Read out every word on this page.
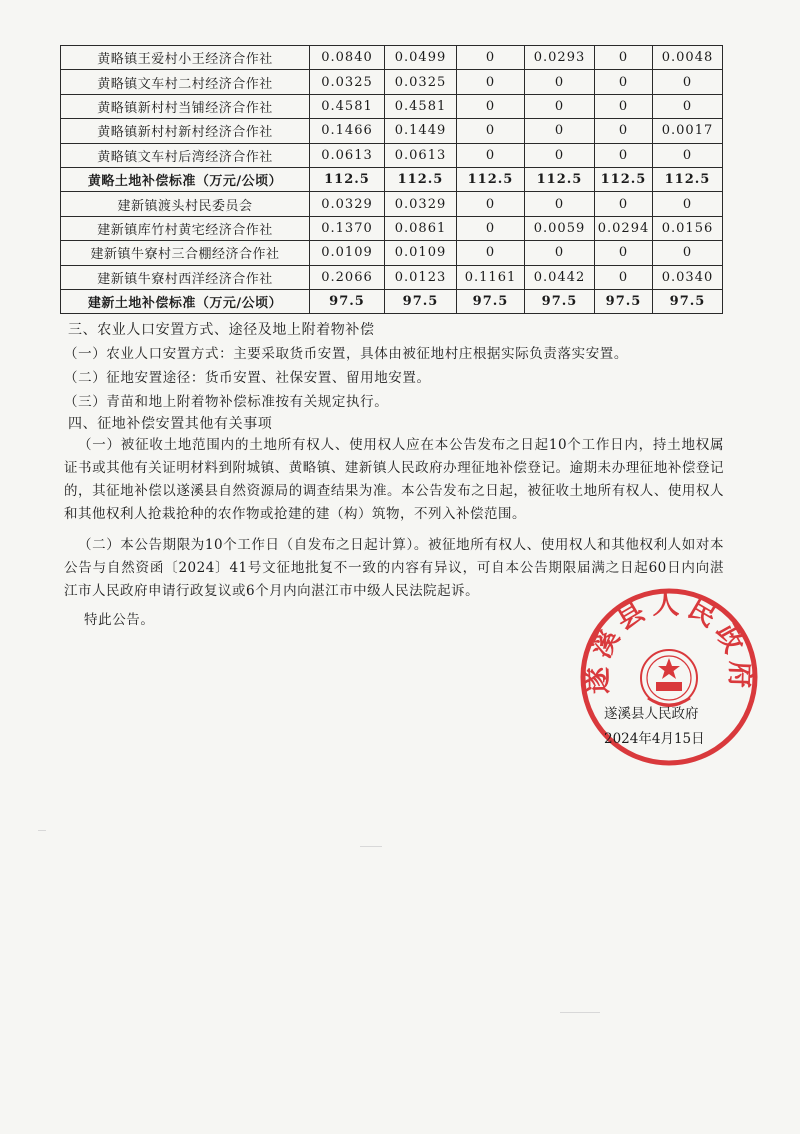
黄略镇王爱村小王经济合作社	0.0840	0.0499	0	0.0293	0	0.0048
黄略镇文车村二村经济合作社	0.0325	0.0325	0	0	0	0
黄略镇新村村当铺经济合作社	0.4581	0.4581	0	0	0	0
黄略镇新村村新村经济合作社	0.1466	0.1449	0	0	0	0.0017
黄略镇文车村后湾经济合作社	0.0613	0.0613	0	0	0	0
黄略土地补偿标准（万元/公顷）	112.5	112.5	112.5	112.5	112.5	112.5
建新镇渡头村民委员会	0.0329	0.0329	0	0	0	0
建新镇库竹村黄宅经济合作社	0.1370	0.0861	0	0.0059	0.0294	0.0156
建新镇牛寮村三合棚经济合作社	0.0109	0.0109	0	0	0	0
建新镇牛寮村西洋经济合作社	0.2066	0.0123	0.1161	0.0442	0	0.0340
建新土地补偿标准（万元/公顷）	97.5	97.5	97.5	97.5	97.5	97.5
三、农业人口安置方式、途径及地上附着物补偿
（一）农业人口安置方式：主要采取货币安置，具体由被征地村庄根据实际负责落实安置。
（二）征地安置途径：货币安置、社保安置、留用地安置。
（三）青苗和地上附着物补偿标准按有关规定执行。
四、征地补偿安置其他有关事项

（一）被征收土地范围内的土地所有权人、使用权人应在本公告发布之日起10个工作日内，持土地权属证书或其他有关证明材料到附城镇、黄略镇、建新镇人民政府办理征地补偿登记。逾期未办理征地补偿登记的，其征地补偿以遂溪县自然资源局的调查结果为准。本公告发布之日起，被征收土地所有权人、使用权人和其他权利人抢栽抢种的农作物或抢建的建（构）筑物，不列入补偿范围。

（二）本公告期限为10个工作日（自发布之日起计算）。被征地所有权人、使用权人和其他权利人如对本公告与自然资函〔2024〕41号文征地批复不一致的内容有异议，可自本公告期限届满之日起60日内向湛江市人民政府申请行政复议或6个月内向湛江市中级人民法院起诉。

特此公告。
遂溪县人民政府
遂溪县人民政府
2024年4月15日
